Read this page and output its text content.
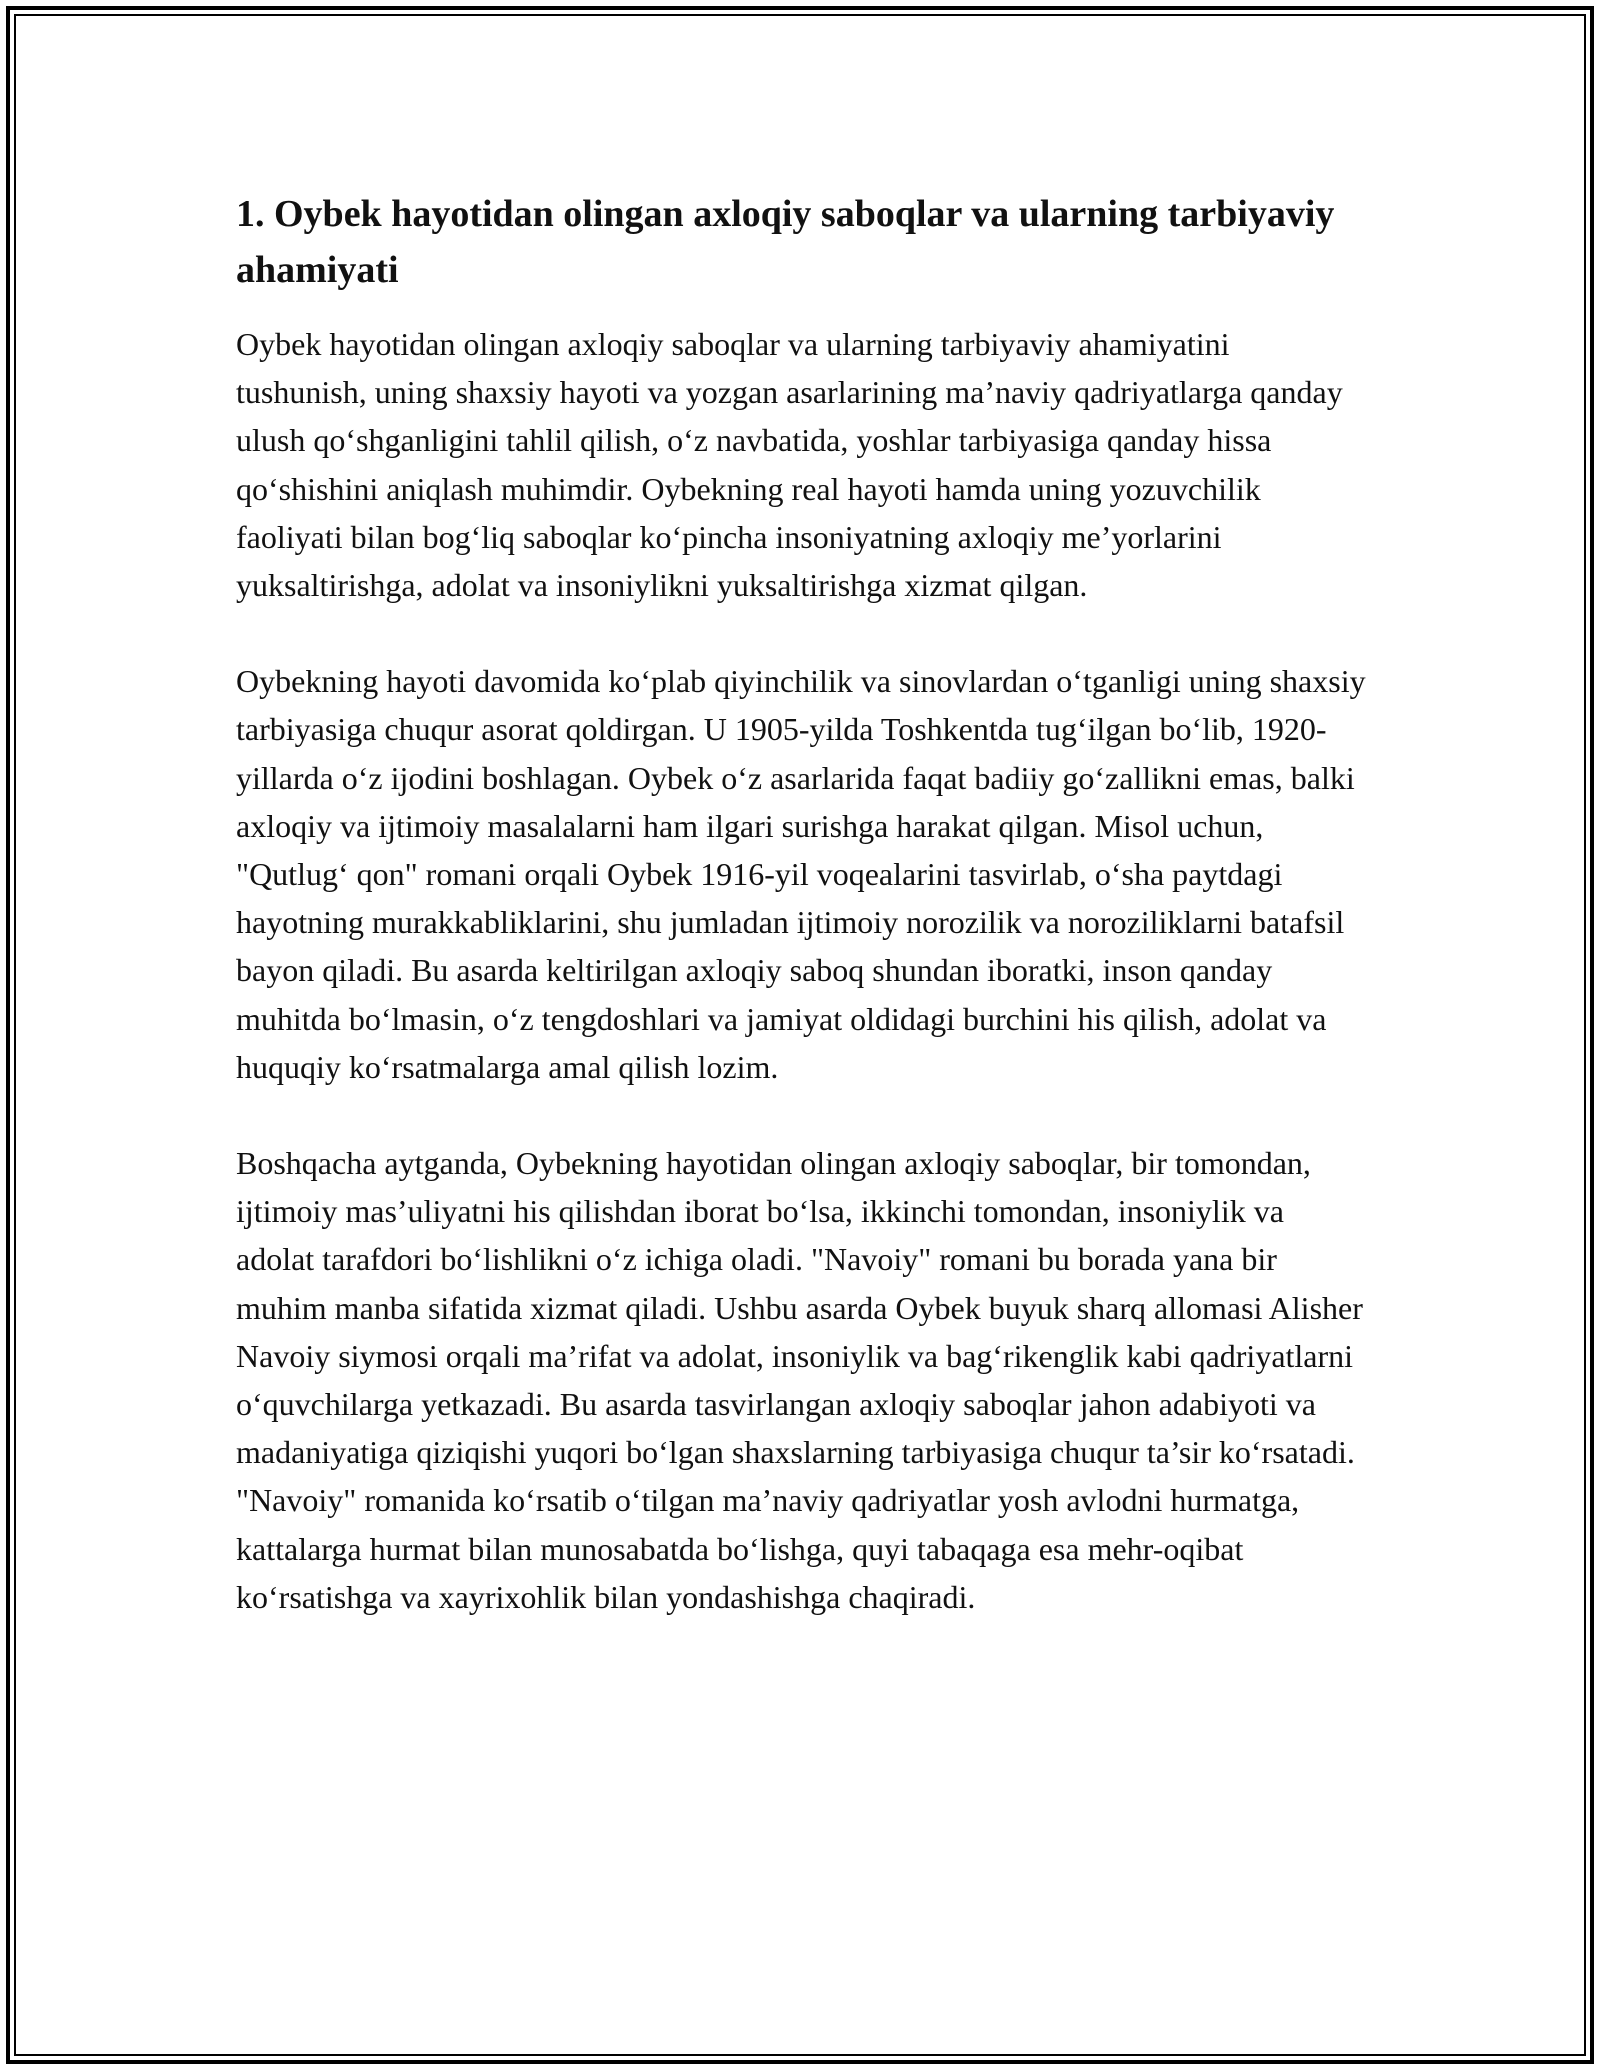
1. Oybek hayotidan olingan axloqiy saboqlar va ularning tarbiyaviy ahamiyati

Oybek hayotidan olingan axloqiy saboqlar va ularning tarbiyaviy ahamiyatini tushunish, uning shaxsiy hayoti va yozgan asarlarining ma’naviy qadriyatlarga qanday ulush qo‘shganligini tahlil qilish, o‘z navbatida, yoshlar tarbiyasiga qanday hissa qo‘shishini aniqlash muhimdir. Oybekning real hayoti hamda uning yozuvchilik faoliyati bilan bog‘liq saboqlar ko‘pincha insoniyatning axloqiy me’yorlarini yuksaltirishga, adolat va insoniylikni yuksaltirishga xizmat qilgan.

Oybekning hayoti davomida ko‘plab qiyinchilik va sinovlardan o‘tganligi uning shaxsiy tarbiyasiga chuqur asorat qoldirgan. U 1905-yilda Toshkentda tug‘ilgan bo‘lib, 1920-yillarda o‘z ijodini boshlagan. Oybek o‘z asarlarida faqat badiiy go‘zallikni emas, balki axloqiy va ijtimoiy masalalarni ham ilgari surishga harakat qilgan. Misol uchun, "Qutlug‘ qon" romani orqali Oybek 1916-yil voqealarini tasvirlab, o‘sha paytdagi hayotning murakkabliklarini, shu jumladan ijtimoiy norozilik va noroziliklarni batafsil bayon qiladi. Bu asarda keltirilgan axloqiy saboq shundan iboratki, inson qanday muhitda bo‘lmasin, o‘z tengdoshlari va jamiyat oldidagi burchini his qilish, adolat va huquqiy ko‘rsatmalarga amal qilish lozim.

Boshqacha aytganda, Oybekning hayotidan olingan axloqiy saboqlar, bir tomondan, ijtimoiy mas’uliyatni his qilishdan iborat bo‘lsa, ikkinchi tomondan, insoniylik va adolat tarafdori bo‘lishlikni o‘z ichiga oladi. "Navoiy" romani bu borada yana bir muhim manba sifatida xizmat qiladi. Ushbu asarda Oybek buyuk sharq allomasi Alisher Navoiy siymosi orqali ma’rifat va adolat, insoniylik va bag‘rikenglik kabi qadriyatlarni o‘quvchilarga yetkazadi. Bu asarda tasvirlangan axloqiy saboqlar jahon adabiyoti va madaniyatiga qiziqishi yuqori bo‘lgan shaxslarning tarbiyasiga chuqur ta’sir ko‘rsatadi. "Navoiy" romanida ko‘rsatib o‘tilgan ma’naviy qadriyatlar yosh avlodni hurmatga, kattalarga hurmat bilan munosabatda bo‘lishga, quyi tabaqaga esa mehr-oqibat ko‘rsatishga va xayrixohlik bilan yondashishga chaqiradi.
